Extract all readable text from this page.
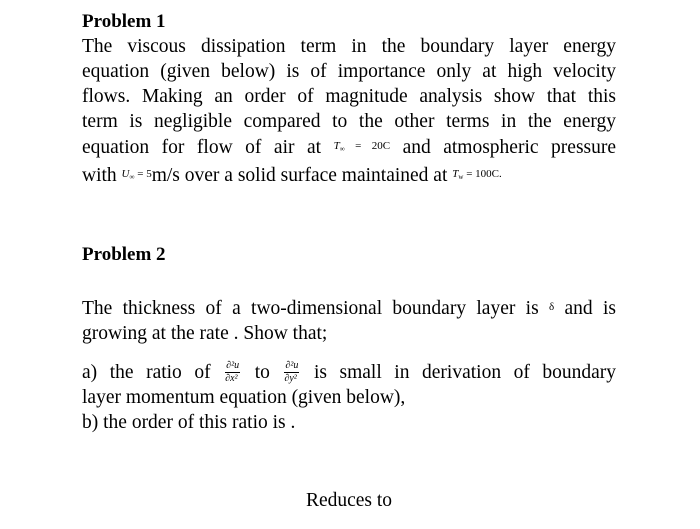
Problem 1
The viscous dissipation term in the boundary layer energy
equation (given below) is of importance only at high velocity
flows. Making an order of magnitude analysis show that this
term is negligible compared to the other terms in the energy
equation for flow of air at $^{T_\infty = 20C}$ and atmospheric pressure
with $^{U_\infty = 5}$m/s over a solid surface maintained at $^{T_w = 100C.}$
Problem 2
The thickness of a two-dimensional boundary layer is $^\delta$ and is
growing at the rate . Show that;
a) the ratio of $\frac{\text{∂²u}}{\text{∂x²}}$ to $\frac{\text{∂²u}}{\text{∂y²}}$ is small in derivation of boundary
layer momentum equation (given below),
b) the order of this ratio is .
Reduces to
